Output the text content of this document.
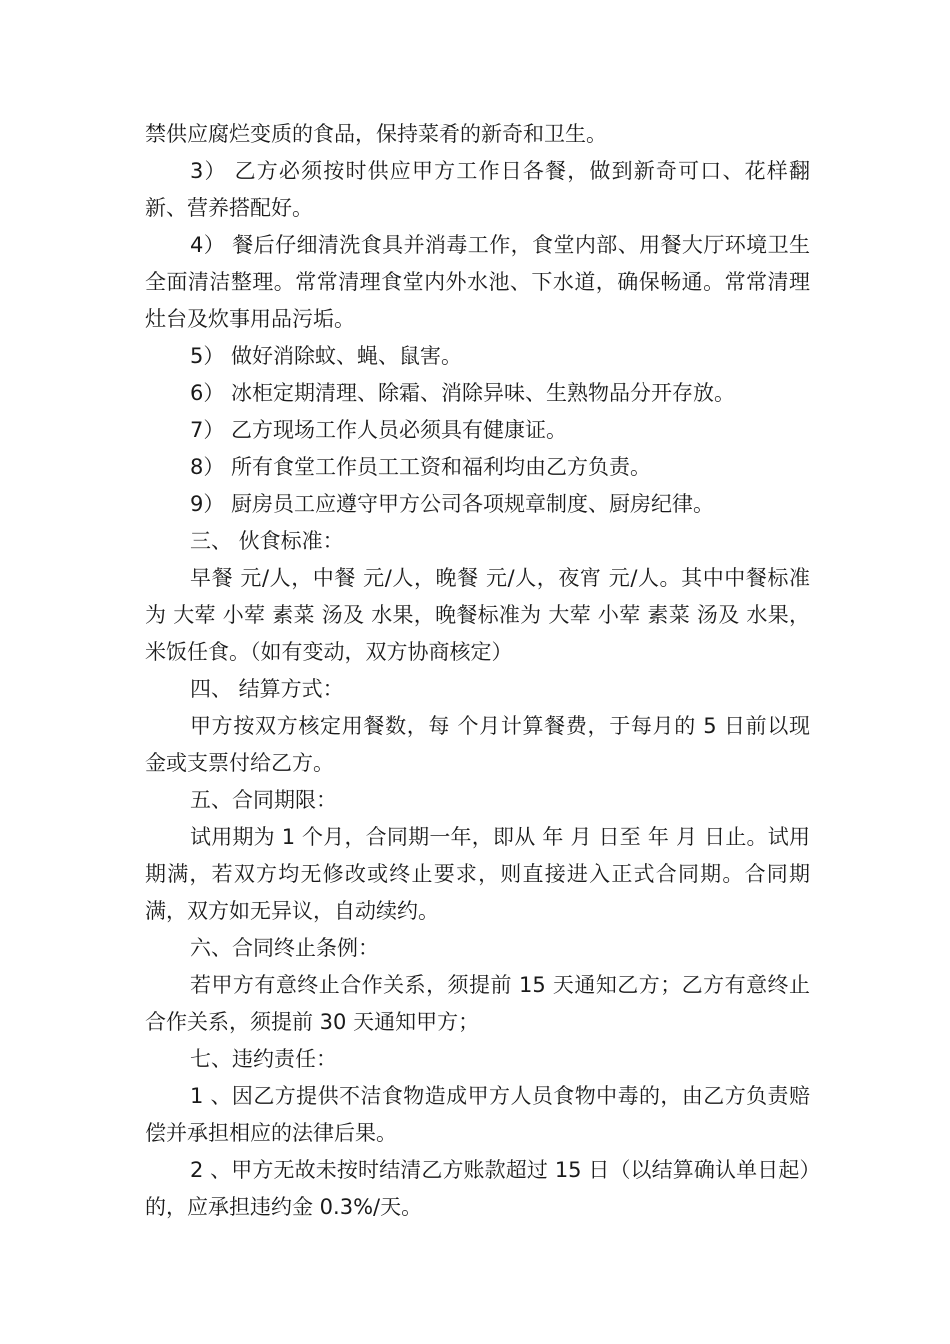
禁供应腐烂变质的食品，保持菜肴的新奇和卫生。

3） 乙方必须按时供应甲方工作日各餐，做到新奇可口、花样翻新、营养搭配好。

4） 餐后仔细清洗食具并消毒工作，食堂内部、用餐大厅环境卫生全面清洁整理。常常清理食堂内外水池、下水道，确保畅通。常常清理灶台及炊事用品污垢。

5） 做好消除蚊、蝇、鼠害。

6） 冰柜定期清理、除霜、消除异味、生熟物品分开存放。

7） 乙方现场工作人员必须具有健康证。

8） 所有食堂工作员工工资和福利均由乙方负责。

9） 厨房员工应遵守甲方公司各项规章制度、厨房纪律。

三、 伙食标准：

早餐 元/人，中餐 元/人，晚餐 元/人，夜宵 元/人。其中中餐标准为 大荤 小荤 素菜 汤及 水果，晚餐标准为 大荤 小荤 素菜 汤及 水果，米饭任食。（如有变动，双方协商核定）

四、 结算方式：

甲方按双方核定用餐数，每 个月计算餐费，于每月的 5 日前以现金或支票付给乙方。

五、合同期限：

试用期为 1 个月，合同期一年，即从 年 月 日至 年 月 日止。试用期满，若双方均无修改或终止要求，则直接进入正式合同期。合同期满，双方如无异议，自动续约。

六、合同终止条例：

若甲方有意终止合作关系，须提前 15 天通知乙方；乙方有意终止合作关系，须提前 30 天通知甲方；

七、违约责任：

1 、因乙方提供不洁食物造成甲方人员食物中毒的，由乙方负责赔偿并承担相应的法律后果。

2 、甲方无故未按时结清乙方账款超过 15 日（以结算确认单日起）的，应承担违约金 0.3%/天。
